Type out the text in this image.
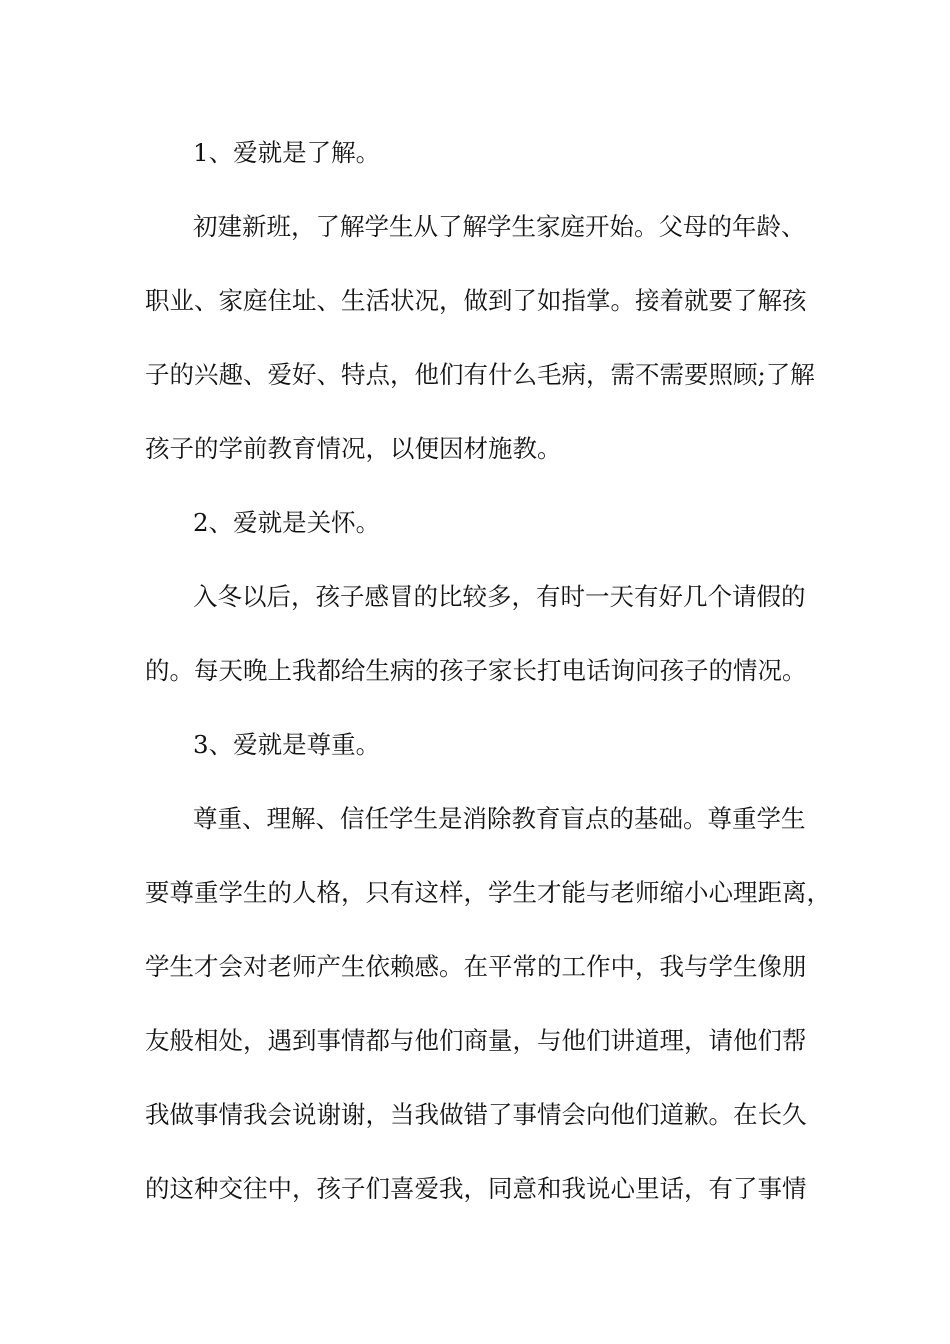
1、爱就是了解。
初建新班，了解学生从了解学生家庭开始。父母的年龄、
职业、家庭住址、生活状况，做到了如指掌。接着就要了解孩
子的兴趣、爱好、特点，他们有什么毛病，需不需要照顾;了解
孩子的学前教育情况，以便因材施教。
2、爱就是关怀。
入冬以后，孩子感冒的比较多，有时一天有好几个请假的
的。每天晚上我都给生病的孩子家长打电话询问孩子的情况。
3、爱就是尊重。
尊重、理解、信任学生是消除教育盲点的基础。尊重学生
要尊重学生的人格，只有这样，学生才能与老师缩小心理距离，
学生才会对老师产生依赖感。在平常的工作中，我与学生像朋
友般相处，遇到事情都与他们商量，与他们讲道理，请他们帮
我做事情我会说谢谢，当我做错了事情会向他们道歉。在长久
的这种交往中，孩子们喜爱我，同意和我说心里话，有了事情
